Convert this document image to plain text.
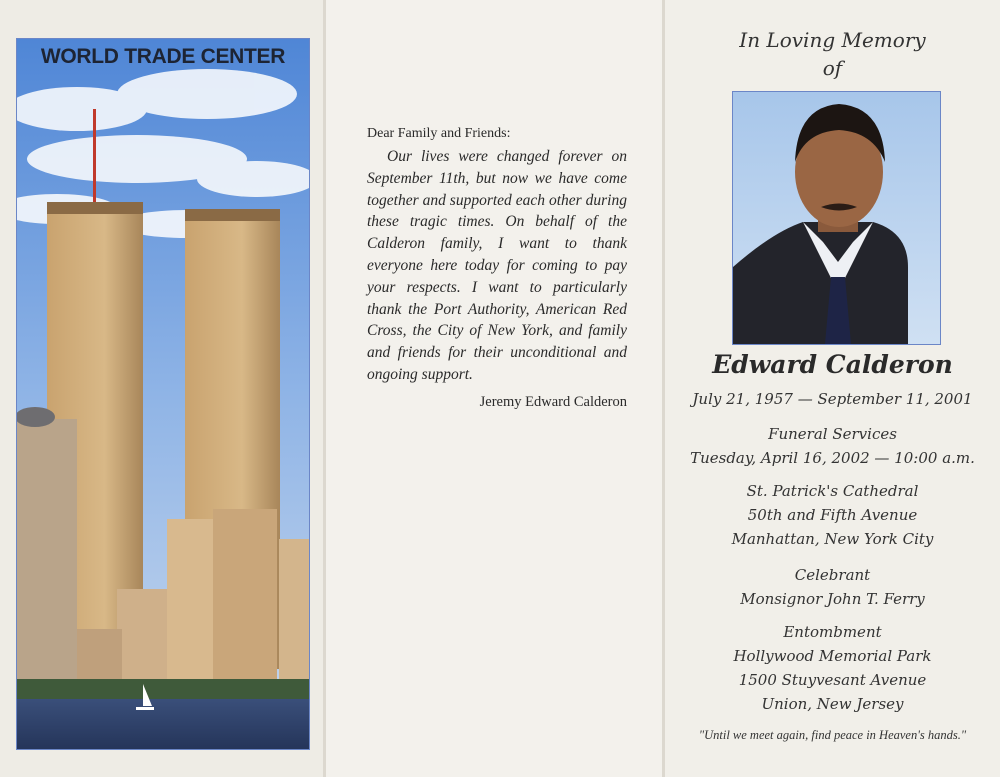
WORLD TRADE CENTER
Dear Family and Friends:

Our lives were changed forever on September 11th, but now we have come together and supported each other during these tragic times. On behalf of the Calderon family, I want to thank everyone here today for coming to pay your respects. I want to particularly thank the Port Authority, American Red Cross, the City of New York, and family and friends for their unconditional and ongoing support.

Jeremy Edward Calderon
In Loving Memory
of
Edward Calderon
July 21, 1957 — September 11, 2001
Funeral Services
Tuesday, April 16, 2002 — 10:00 a.m.
St. Patrick's Cathedral
50th and Fifth Avenue
Manhattan, New York City
Celebrant
Monsignor John T. Ferry
Entombment
Hollywood Memorial Park
1500 Stuyvesant Avenue
Union, New Jersey
"Until we meet again, find peace in Heaven's hands."
